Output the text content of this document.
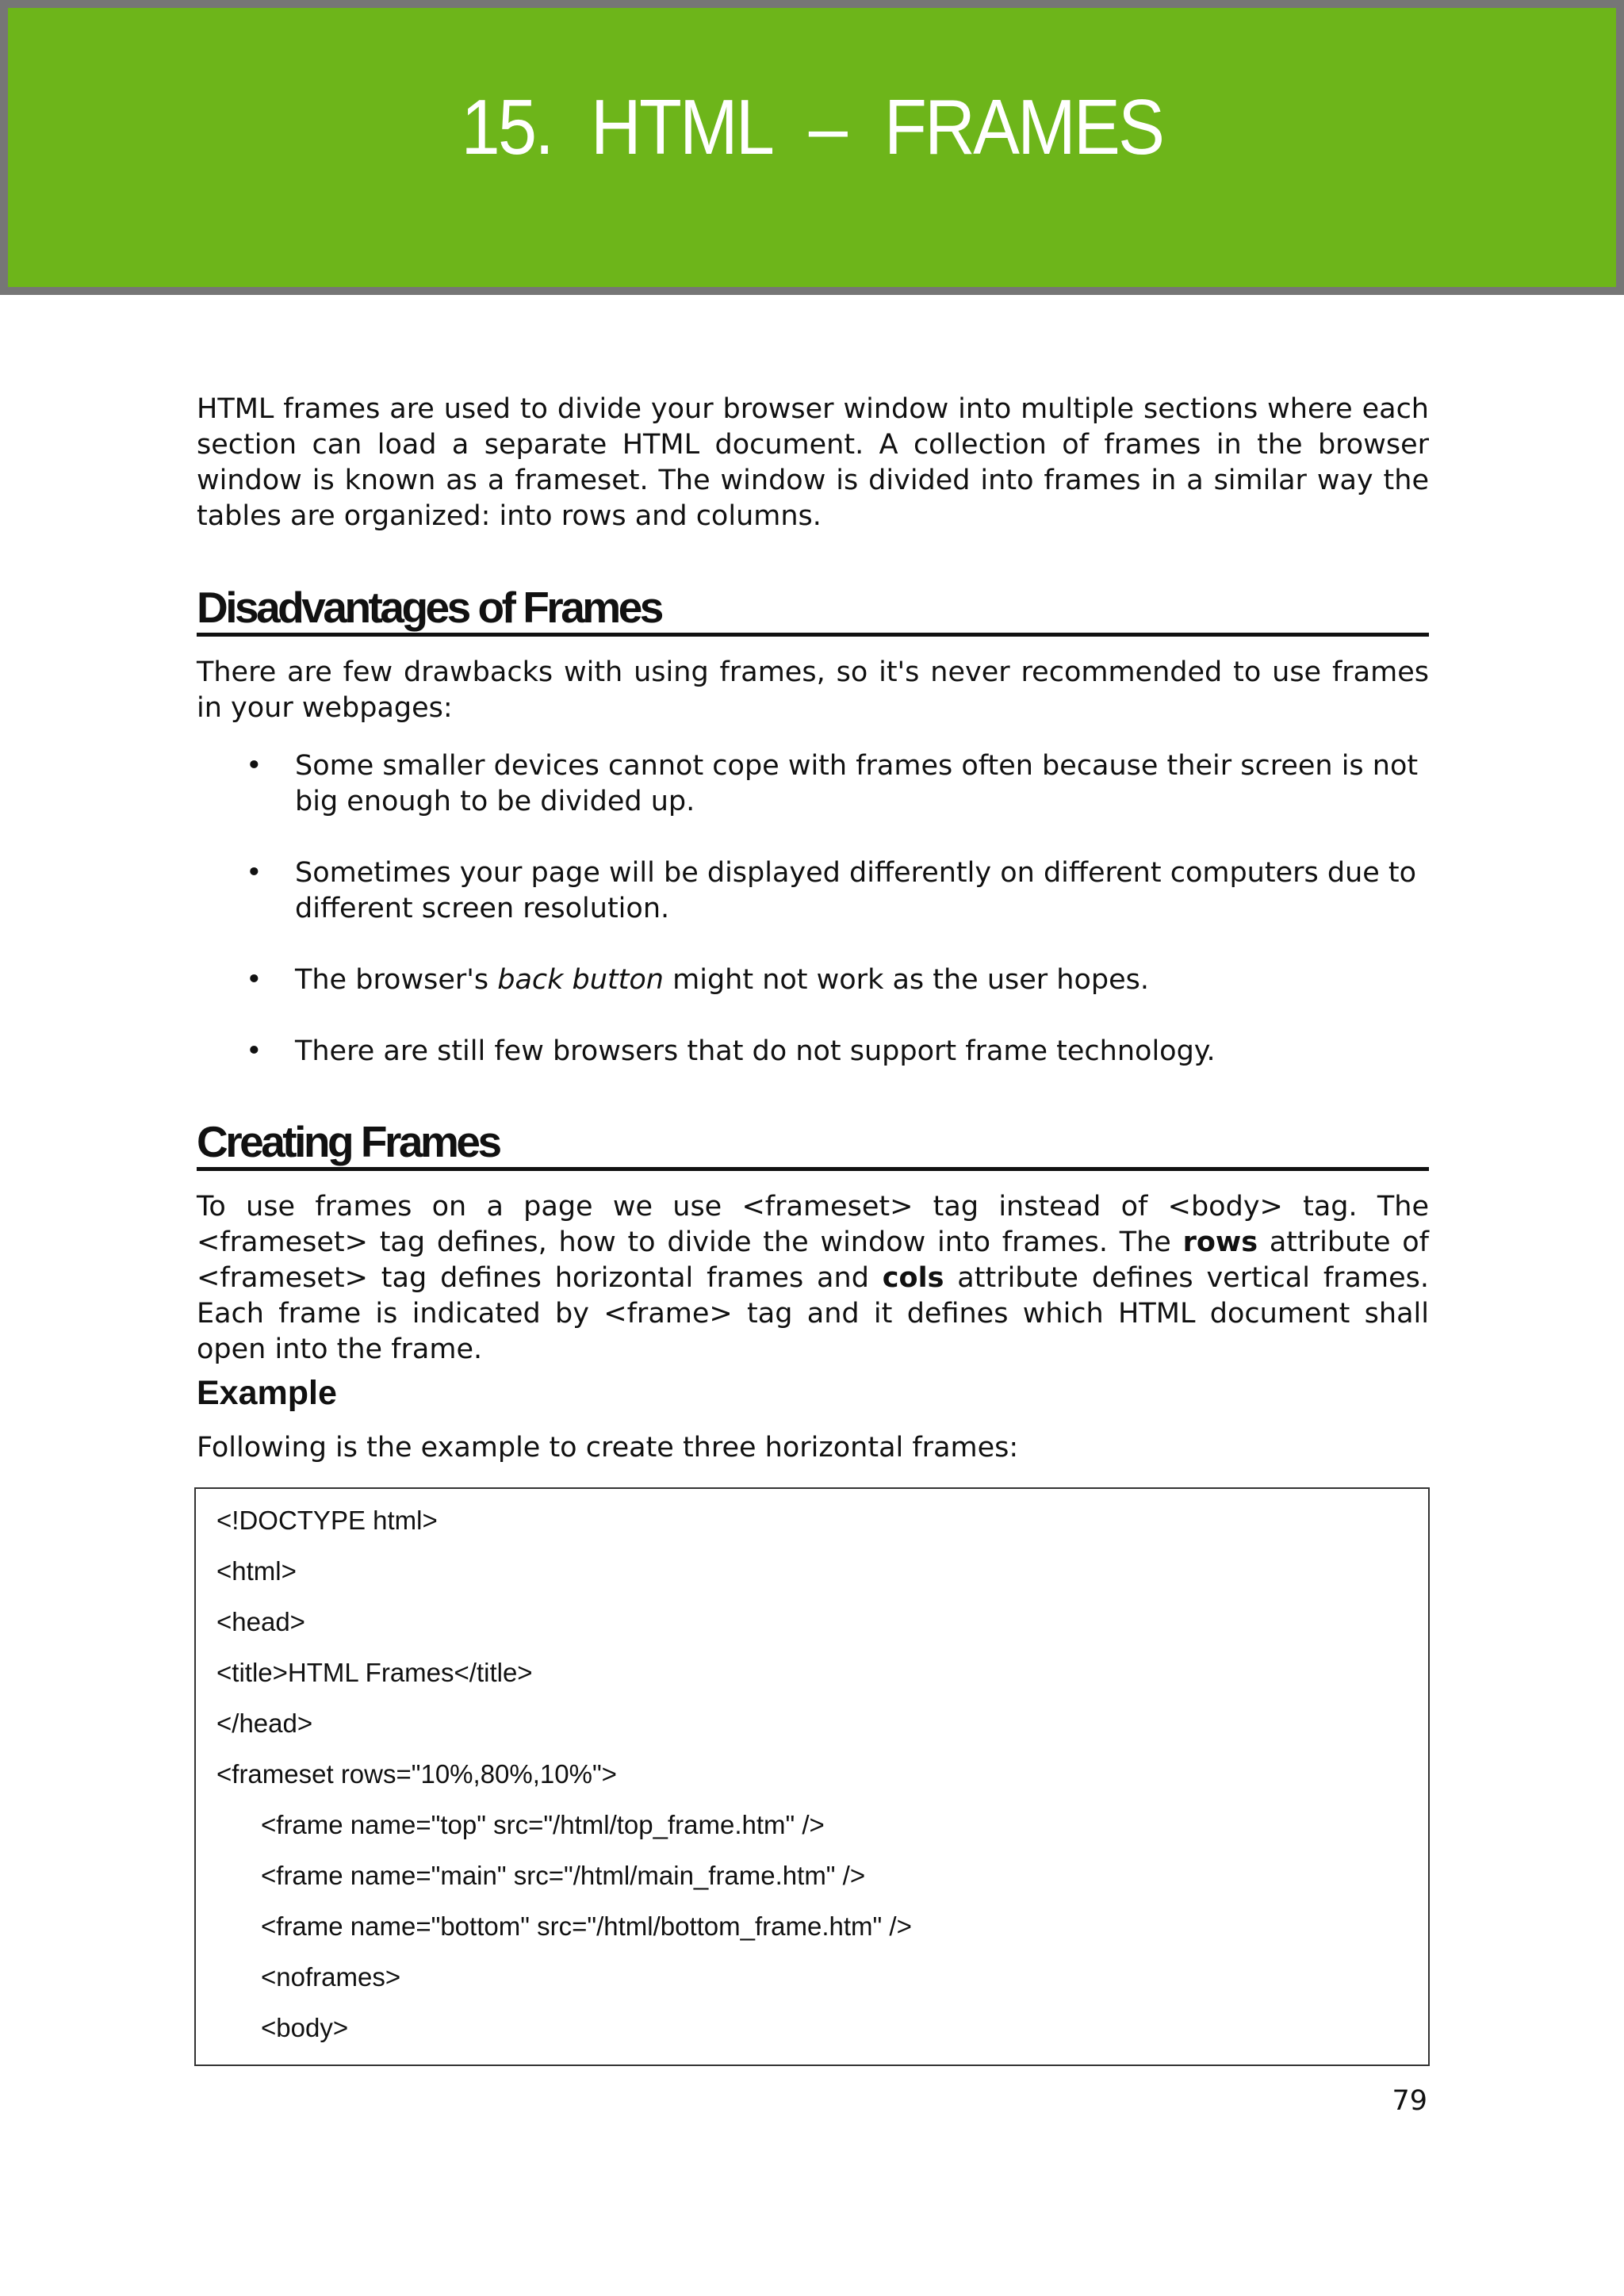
15. HTML – FRAMES

HTML frames are used to divide your browser window into multiple sections where each section can load a separate HTML document. A collection of frames in the browser window is known as a frameset. The window is divided into frames in a similar way the tables are organized: into rows and columns.

Disadvantages of Frames

There are few drawbacks with using frames, so it's never recommended to use frames in your webpages:

• Some smaller devices cannot cope with frames often because their screen is not big enough to be divided up.
• Sometimes your page will be displayed differently on different computers due to different screen resolution.
• The browser's back button might not work as the user hopes.
• There are still few browsers that do not support frame technology.
Creating Frames

To use frames on a page we use <frameset> tag instead of <body> tag. The <frameset> tag defines, how to divide the window into frames. The rows attribute of <frameset> tag defines horizontal frames and cols attribute defines vertical frames. Each frame is indicated by <frame> tag and it defines which HTML document shall open into the frame.

Example

Following is the example to create three horizontal frames:

<!DOCTYPE html>
<html>
<head>
<title>HTML Frames</title>
</head>
<frameset rows="10%,80%,10%">
<frame name="top" src="/html/top_frame.htm" />
<frame name="main" src="/html/main_frame.htm" />
<frame name="bottom" src="/html/bottom_frame.htm" />
<noframes>
<body>
79
